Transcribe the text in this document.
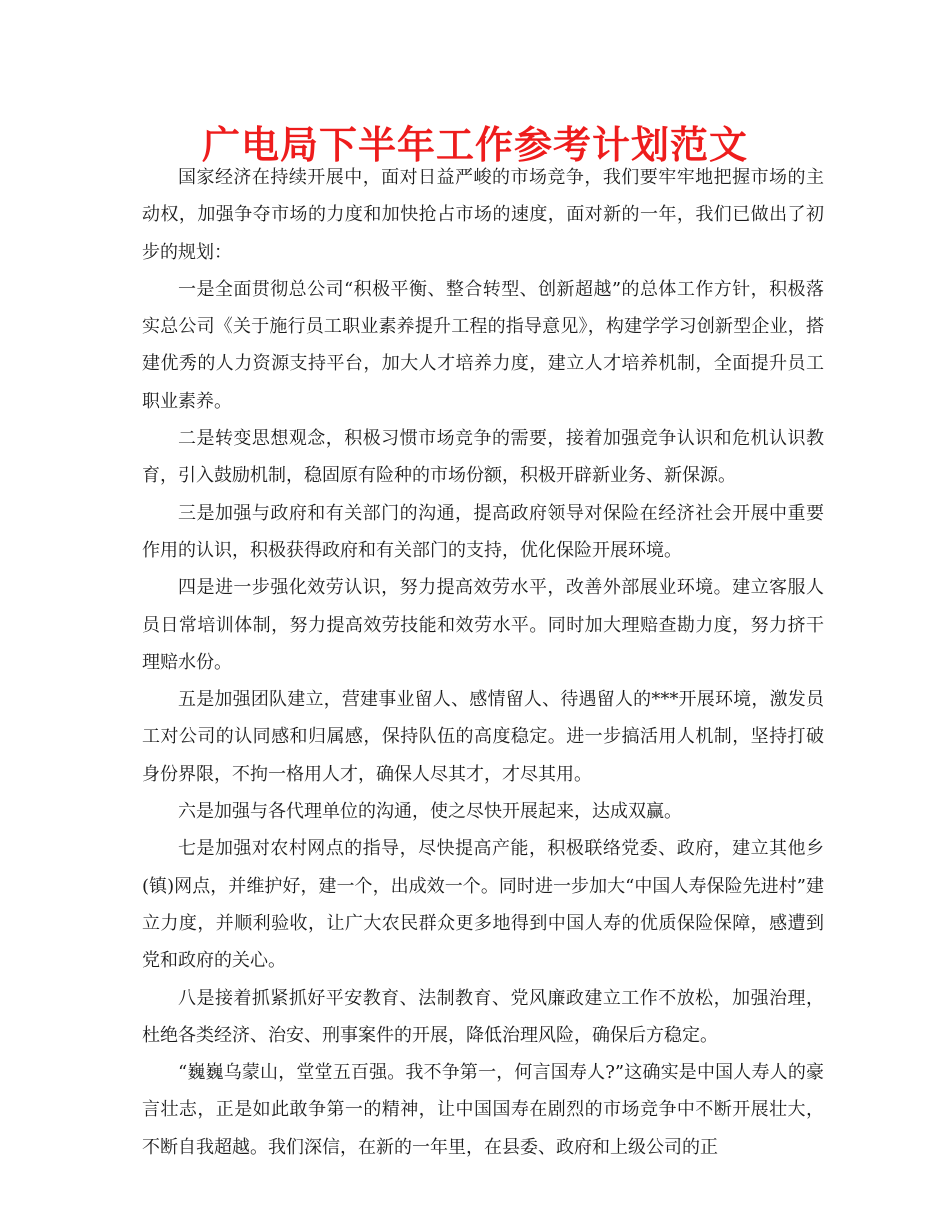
广电局下半年工作参考计划范文

国家经济在持续开展中，面对日益严峻的市场竞争，我们要牢牢地把握市场的主动权，加强争夺市场的力度和加快抢占市场的速度，面对新的一年，我们已做出了初步的规划：

一是全面贯彻总公司“积极平衡、整合转型、创新超越”的总体工作方针，积极落实总公司《关于施行员工职业素养提升工程的指导意见》，构建学学习创新型企业，搭建优秀的人力资源支持平台，加大人才培养力度，建立人才培养机制，全面提升员工职业素养。

二是转变思想观念，积极习惯市场竞争的需要，接着加强竞争认识和危机认识教育，引入鼓励机制，稳固原有险种的市场份额，积极开辟新业务、新保源。

三是加强与政府和有关部门的沟通，提高政府领导对保险在经济社会开展中重要作用的认识，积极获得政府和有关部门的支持，优化保险开展环境。

四是进一步强化效劳认识，努力提高效劳水平，改善外部展业环境。建立客服人员日常培训体制，努力提高效劳技能和效劳水平。同时加大理赔查勘力度，努力挤干理赔水份。

五是加强团队建立，营建事业留人、感情留人、待遇留人的***开展环境，激发员工对公司的认同感和归属感，保持队伍的高度稳定。进一步搞活用人机制，坚持打破身份界限，不拘一格用人才，确保人尽其才，才尽其用。

六是加强与各代理单位的沟通，使之尽快开展起来，达成双赢。

七是加强对农村网点的指导，尽快提高产能，积极联络党委、政府，建立其他乡(镇)网点，并维护好，建一个，出成效一个。同时进一步加大“中国人寿保险先进村”建立力度，并顺利验收，让广大农民群众更多地得到中国人寿的优质保险保障，感遭到党和政府的关心。

八是接着抓紧抓好平安教育、法制教育、党风廉政建立工作不放松，加强治理，杜绝各类经济、治安、刑事案件的开展，降低治理风险，确保后方稳定。

“巍巍乌蒙山，堂堂五百强。我不争第一，何言国寿人?”这确实是中国人寿人的豪言壮志，正是如此敢争第一的精神，让中国国寿在剧烈的市场竞争中不断开展壮大，不断自我超越。我们深信，在新的一年里，在县委、政府和上级公司的正
